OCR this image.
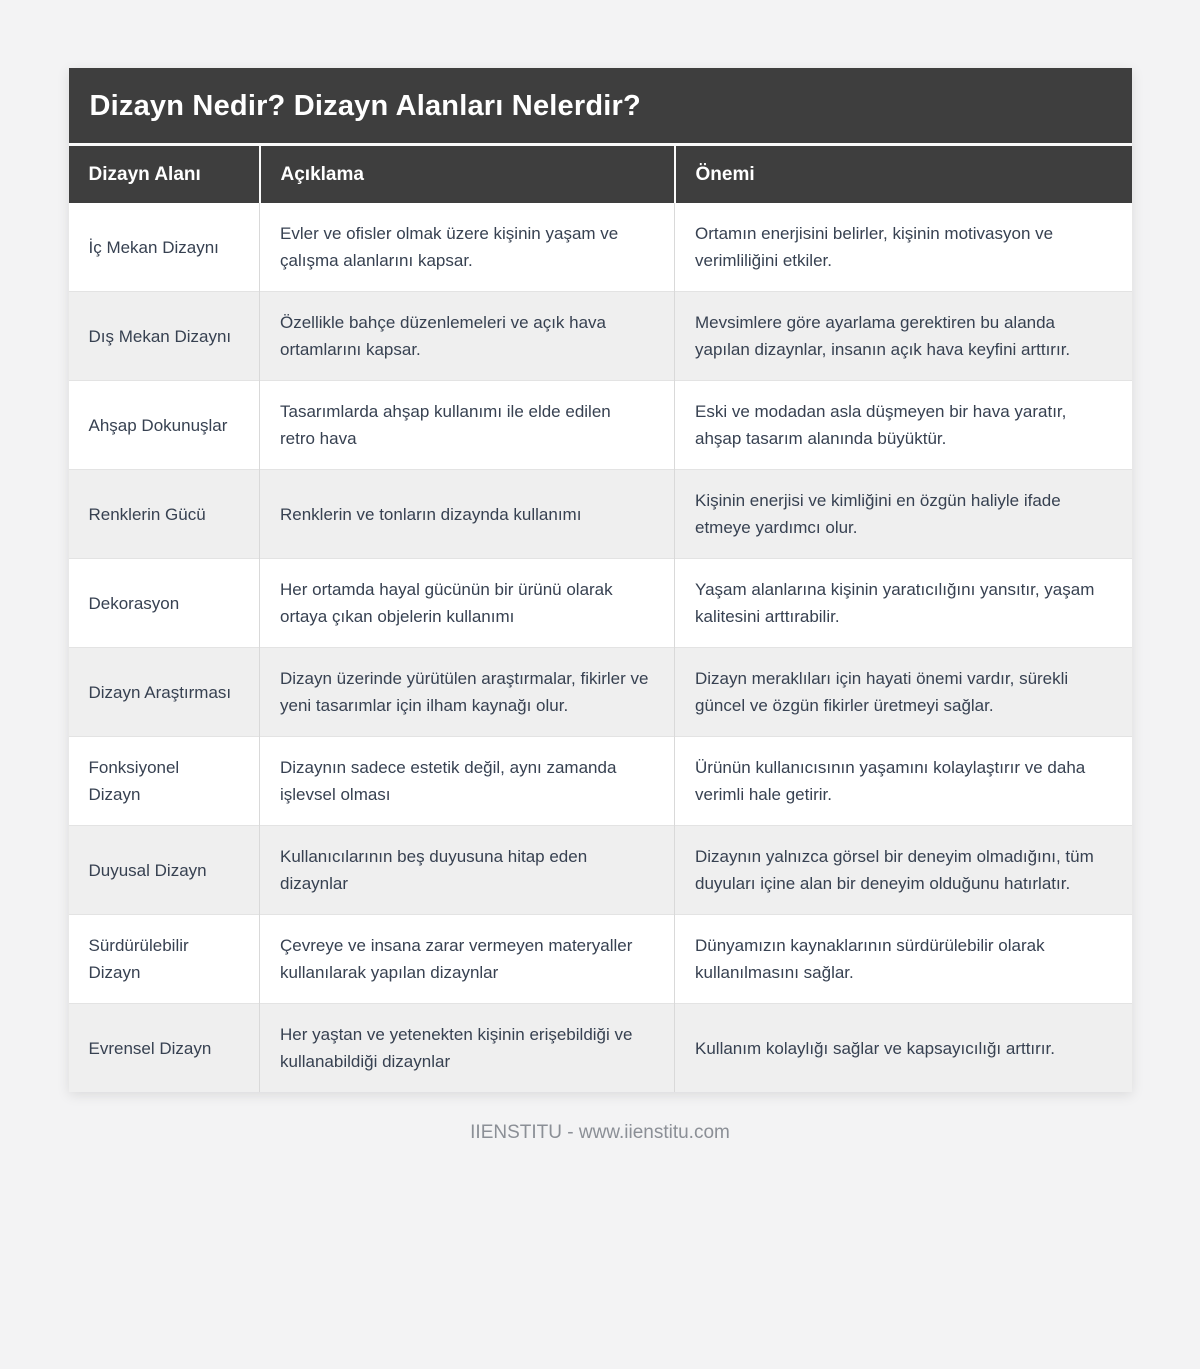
Dizayn Nedir? Dizayn Alanları Nelerdir?
Dizayn Alanı	Açıklama	Önemi
İç Mekan Dizaynı	Evler ve ofisler olmak üzere kişinin yaşam ve çalışma alanlarını kapsar.	Ortamın enerjisini belirler, kişinin motivasyon ve verimliliğini etkiler.
Dış Mekan Dizaynı	Özellikle bahçe düzenlemeleri ve açık hava ortamlarını kapsar.	Mevsimlere göre ayarlama gerektiren bu alanda yapılan dizaynlar, insanın açık hava keyfini arttırır.
Ahşap Dokunuşlar	Tasarımlarda ahşap kullanımı ile elde edilen retro hava	Eski ve modadan asla düşmeyen bir hava yaratır, ahşap tasarım alanında büyüktür.
Renklerin Gücü	Renklerin ve tonların dizaynda kullanımı	Kişinin enerjisi ve kimliğini en özgün haliyle ifade etmeye yardımcı olur.
Dekorasyon	Her ortamda hayal gücünün bir ürünü olarak ortaya çıkan objelerin kullanımı	Yaşam alanlarına kişinin yaratıcılığını yansıtır, yaşam kalitesini arttırabilir.
Dizayn Araştırması	Dizayn üzerinde yürütülen araştırmalar, fikirler ve yeni tasarımlar için ilham kaynağı olur.	Dizayn meraklıları için hayati önemi vardır, sürekli güncel ve özgün fikirler üretmeyi sağlar.
Fonksiyonel Dizayn	Dizaynın sadece estetik değil, aynı zamanda işlevsel olması	Ürünün kullanıcısının yaşamını kolaylaştırır ve daha verimli hale getirir.
Duyusal Dizayn	Kullanıcılarının beş duyusuna hitap eden dizaynlar	Dizaynın yalnızca görsel bir deneyim olmadığını, tüm duyuları içine alan bir deneyim olduğunu hatırlatır.
Sürdürülebilir Dizayn	Çevreye ve insana zarar vermeyen materyaller kullanılarak yapılan dizaynlar	Dünyamızın kaynaklarının sürdürülebilir olarak kullanılmasını sağlar.
Evrensel Dizayn	Her yaştan ve yetenekten kişinin erişebildiği ve kullanabildiği dizaynlar	Kullanım kolaylığı sağlar ve kapsayıcılığı arttırır.
IIENSTITU - www.iienstitu.com
